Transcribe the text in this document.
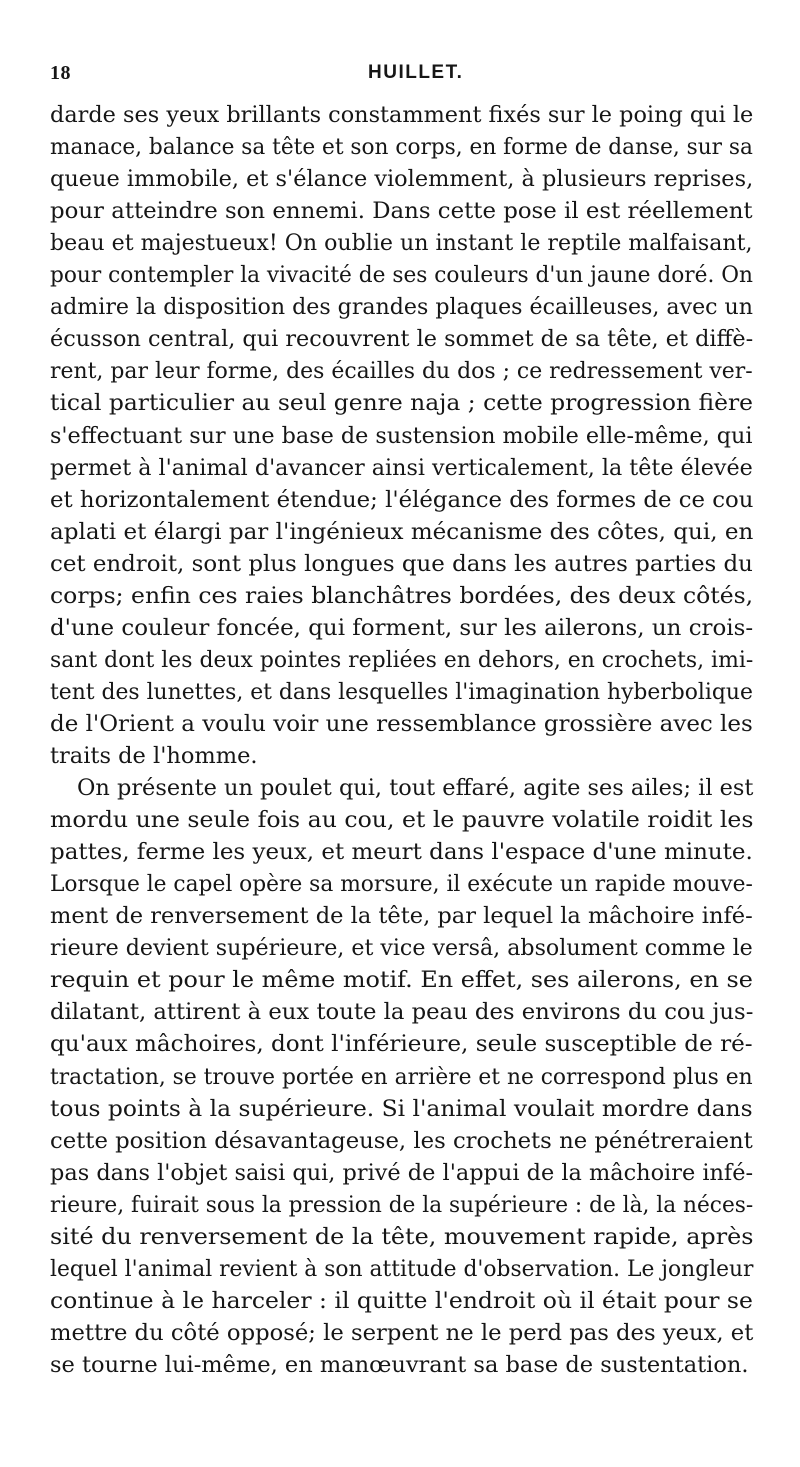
18	HUILLET.
darde ses yeux brillants constamment fixés sur le poing qui le
manace, balance sa tête et son corps, en forme de danse, sur sa
queue immobile, et s'élance violemment, à plusieurs reprises,
pour atteindre son ennemi. Dans cette pose il est réellement
beau et majestueux! On oublie un instant le reptile malfaisant,
pour contempler la vivacité de ses couleurs d'un jaune doré. On
admire la disposition des grandes plaques écailleuses, avec un
écusson central, qui recouvrent le sommet de sa tête, et diffè-
rent, par leur forme, des écailles du dos ; ce redressement ver-
tical particulier au seul genre naja ; cette progression fière
s'effectuant sur une base de sustension mobile elle-même, qui
permet à l'animal d'avancer ainsi verticalement, la tête élevée
et horizontalement étendue; l'élégance des formes de ce cou
aplati et élargi par l'ingénieux mécanisme des côtes, qui, en
cet endroit, sont plus longues que dans les autres parties du
corps; enfin ces raies blanchâtres bordées, des deux côtés,
d'une couleur foncée, qui forment, sur les ailerons, un crois-
sant dont les deux pointes repliées en dehors, en crochets, imi-
tent des lunettes, et dans lesquelles l'imagination hyberbolique
de l'Orient a voulu voir une ressemblance grossière avec les
traits de l'homme.
On présente un poulet qui, tout effaré, agite ses ailes; il est
mordu une seule fois au cou, et le pauvre volatile roidit les
pattes, ferme les yeux, et meurt dans l'espace d'une minute.
Lorsque le capel opère sa morsure, il exécute un rapide mouve-
ment de renversement de la tête, par lequel la mâchoire infé-
rieure devient supérieure, et vice versâ, absolument comme le
requin et pour le même motif. En effet, ses ailerons, en se
dilatant, attirent à eux toute la peau des environs du cou jus-
qu'aux mâchoires, dont l'inférieure, seule susceptible de ré-
tractation, se trouve portée en arrière et ne correspond plus en
tous points à la supérieure. Si l'animal voulait mordre dans
cette position désavantageuse, les crochets ne pénétreraient
pas dans l'objet saisi qui, privé de l'appui de la mâchoire infé-
rieure, fuirait sous la pression de la supérieure : de là, la néces-
sité du renversement de la tête, mouvement rapide, après
lequel l'animal revient à son attitude d'observation. Le jongleur
continue à le harceler : il quitte l'endroit où il était pour se
mettre du côté opposé; le serpent ne le perd pas des yeux, et
se tourne lui-même, en manœuvrant sa base de sustentation.
